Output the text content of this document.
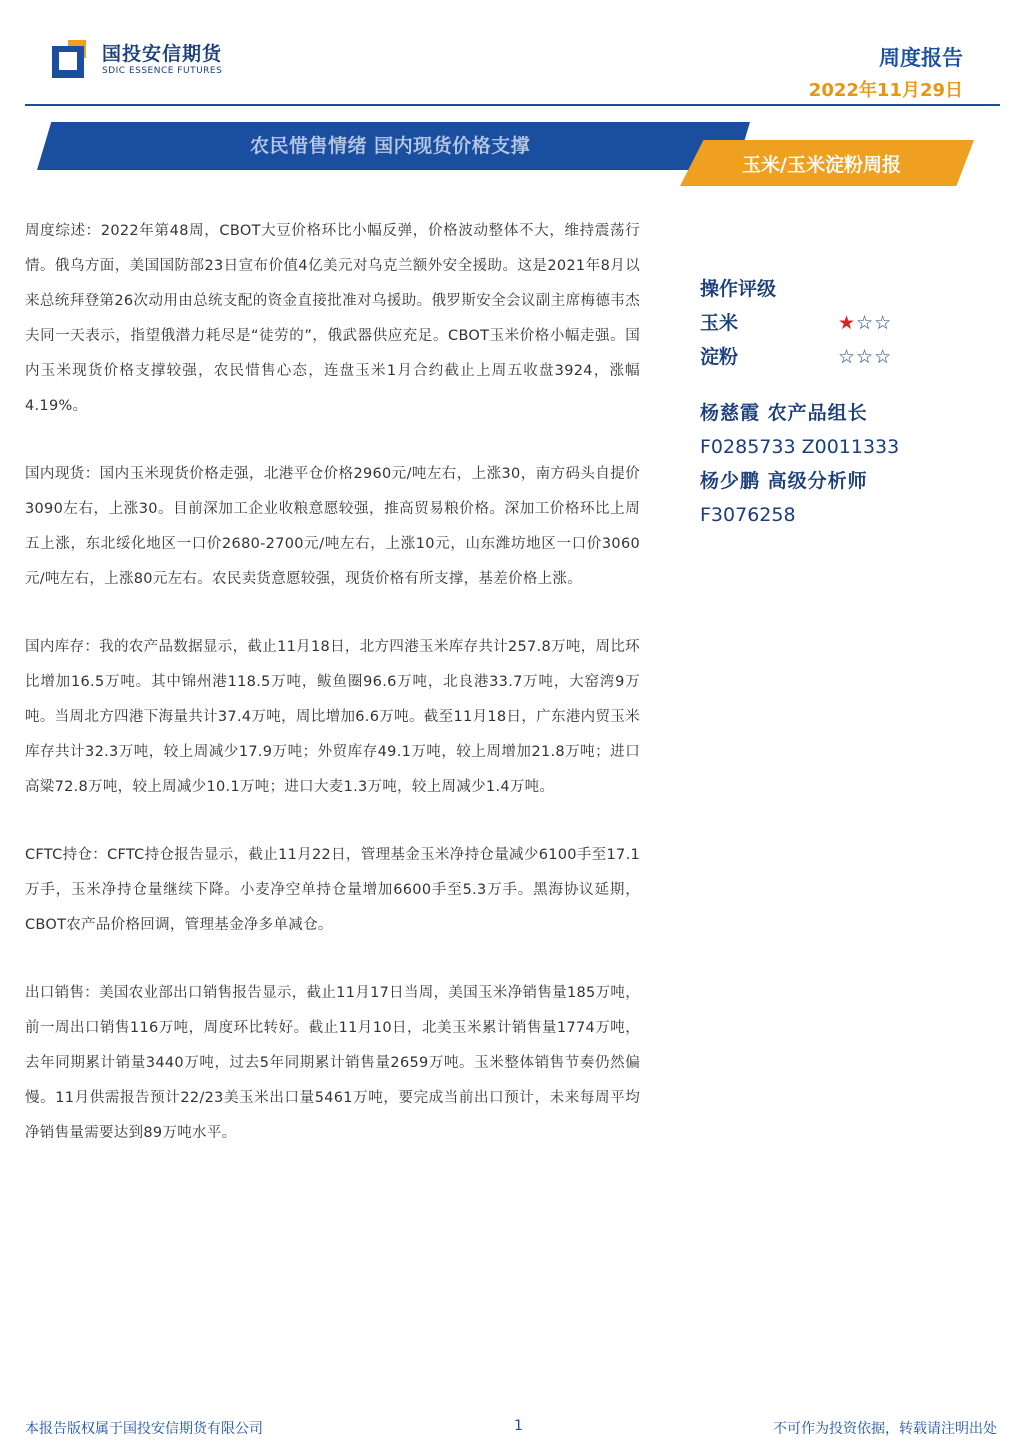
国投安信期货
SDIC ESSENCE FUTURES
周度报告
2022年11月29日
农民惜售情绪 国内现货价格支撑
玉米/玉米淀粉周报

周度综述：2022年第48周，CBOT大豆价格环比小幅反弹，价格波动整体不大，维持震荡行情。俄乌方面，美国国防部23日宣布价值4亿美元对乌克兰额外安全援助。这是2021年8月以来总统拜登第26次动用由总统支配的资金直接批准对乌援助。俄罗斯安全会议副主席梅德韦杰夫同一天表示，指望俄潜力耗尽是“徒劳的”，俄武器供应充足。CBOT玉米价格小幅走强。国内玉米现货价格支撑较强，农民惜售心态，连盘玉米1月合约截止上周五收盘3924，涨幅4.19%。

国内现货：国内玉米现货价格走强，北港平仓价格2960元/吨左右，上涨30，南方码头自提价3090左右，上涨30。目前深加工企业收粮意愿较强，推高贸易粮价格。深加工价格环比上周五上涨，东北绥化地区一口价2680-2700元/吨左右，上涨10元，山东潍坊地区一口价3060元/吨左右，上涨80元左右。农民卖货意愿较强，现货价格有所支撑，基差价格上涨。

国内库存：我的农产品数据显示，截止11月18日，北方四港玉米库存共计257.8万吨，周比环比增加16.5万吨。其中锦州港118.5万吨，鲅鱼圈96.6万吨，北良港33.7万吨，大窑湾9万吨。当周北方四港下海量共计37.4万吨，周比增加6.6万吨。截至11月18日，广东港内贸玉米库存共计32.3万吨，较上周减少17.9万吨；外贸库存49.1万吨，较上周增加21.8万吨；进口高粱72.8万吨，较上周减少10.1万吨；进口大麦1.3万吨，较上周减少1.4万吨。

CFTC持仓：CFTC持仓报告显示，截止11月22日，管理基金玉米净持仓量减少6100手至17.1万手，玉米净持仓量继续下降。小麦净空单持仓量增加6600手至5.3万手。黑海协议延期，CBOT农产品价格回调，管理基金净多单减仓。

出口销售：美国农业部出口销售报告显示，截止11月17日当周，美国玉米净销售量185万吨，前一周出口销售116万吨，周度环比转好。截止11月10日，北美玉米累计销售量1774万吨，去年同期累计销量3440万吨，过去5年同期累计销售量2659万吨。玉米整体销售节奏仍然偏慢。11月供需报告预计22/23美玉米出口量5461万吨，要完成当前出口预计，未来每周平均净销售量需要达到89万吨水平。

操作评级
玉米	★☆☆
淀粉	☆☆☆
杨慈霞 农产品组长
F0285733 Z0011333
杨少鹏 高级分析师
F3076258
本报告版权属于国投安信期货有限公司	1	不可作为投资依据，转载请注明出处
